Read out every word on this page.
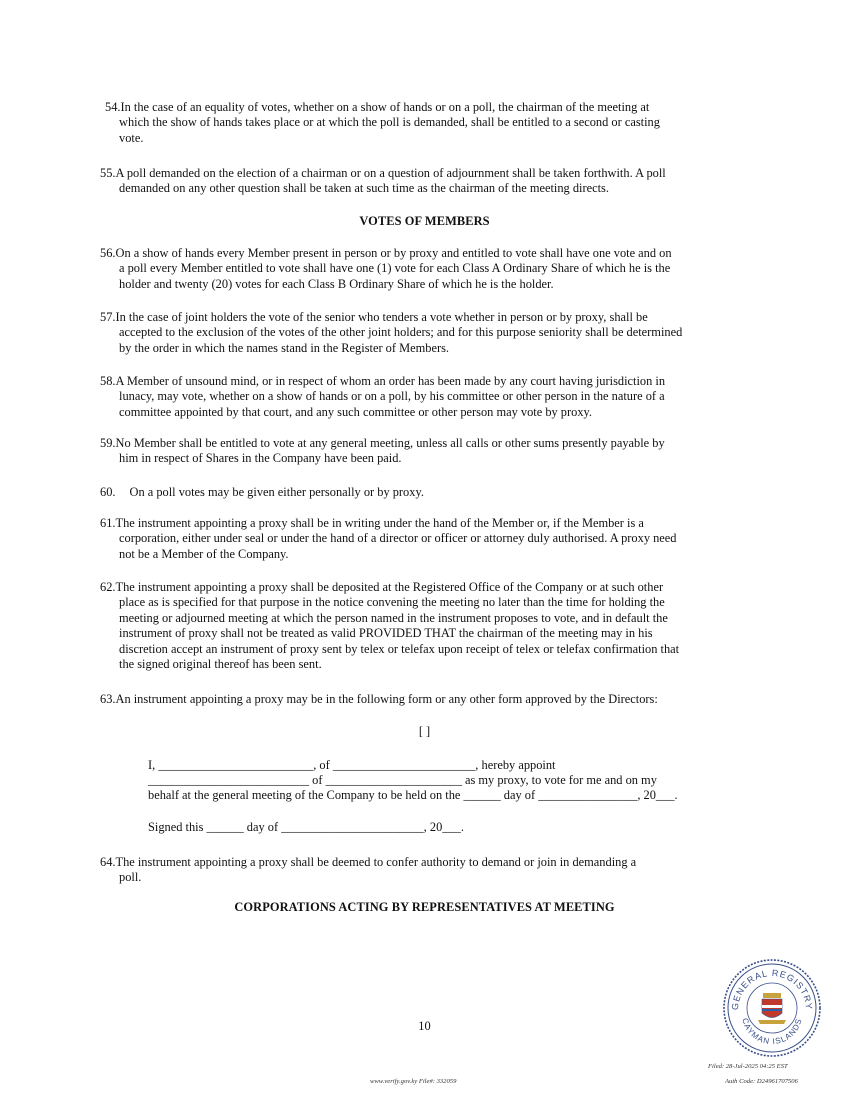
54.In the case of an equality of votes, whether on a show of hands or on a poll, the chairman of the meeting at
which the show of hands takes place or at which the poll is demanded, shall be entitled to a second or casting
vote.
55.A poll demanded on the election of a chairman or on a question of adjournment shall be taken forthwith. A poll
demanded on any other question shall be taken at such time as the chairman of the meeting directs.
VOTES OF MEMBERS
56.On a show of hands every Member present in person or by proxy and entitled to vote shall have one vote and on
a poll every Member entitled to vote shall have one (1) vote for each Class A Ordinary Share of which he is the
holder and twenty (20) votes for each Class B Ordinary Share of which he is the holder.
57.In the case of joint holders the vote of the senior who tenders a vote whether in person or by proxy, shall be
accepted to the exclusion of the votes of the other joint holders; and for this purpose seniority shall be determined
by the order in which the names stand in the Register of Members.
58.A Member of unsound mind, or in respect of whom an order has been made by any court having jurisdiction in
lunacy, may vote, whether on a show of hands or on a poll, by his committee or other person in the nature of a
committee appointed by that court, and any such committee or other person may vote by proxy.
59.No Member shall be entitled to vote at any general meeting, unless all calls or other sums presently payable by
him in respect of Shares in the Company have been paid.
60. On a poll votes may be given either personally or by proxy.
61.The instrument appointing a proxy shall be in writing under the hand of the Member or, if the Member is a
corporation, either under seal or under the hand of a director or officer or attorney duly authorised. A proxy need
not be a Member of the Company.
62.The instrument appointing a proxy shall be deposited at the Registered Office of the Company or at such other
place as is specified for that purpose in the notice convening the meeting no later than the time for holding the
meeting or adjourned meeting at which the person named in the instrument proposes to vote, and in default the
instrument of proxy shall not be treated as valid PROVIDED THAT the chairman of the meeting may in his
discretion accept an instrument of proxy sent by telex or telefax upon receipt of telex or telefax confirmation that
the signed original thereof has been sent.
63.An instrument appointing a proxy may be in the following form or any other form approved by the Directors:
[ ]
I, _________________________, of _______________________, hereby appoint
__________________________ of ______________________ as my proxy, to vote for me and on my
behalf at the general meeting of the Company to be held on the ______ day of ________________, 20___.
Signed this ______ day of _______________________, 20___.
64.The instrument appointing a proxy shall be deemed to confer authority to demand or join in demanding a
poll.
CORPORATIONS ACTING BY REPRESENTATIVES AT MEETING
10
GENERAL REGISTRY
CAYMAN ISLANDS
www.verify.gov.ky File#: 332059
Filed: 28-Jul-2025 04:25 EST
Auth Code: D24961707506
